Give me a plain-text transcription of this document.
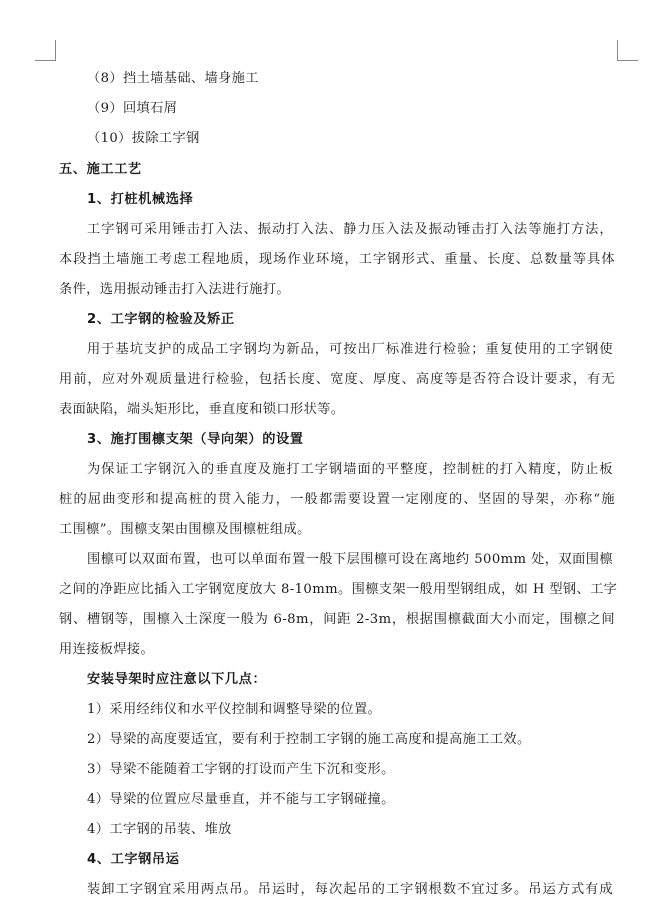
（8）挡土墙基础、墙身施工
（9）回填石屑
（10）拔除工字钢
五、施工工艺
1、打桩机械选择
工字钢可采用锤击打入法、振动打入法、静力压入法及振动锤击打入法等施打方法，
本段挡土墙施工考虑工程地质，现场作业环境，工字钢形式、重量、长度、总数量等具体
条件，选用振动锤击打入法进行施打。
2、工字钢的检验及矫正
用于基坑支护的成品工字钢均为新品，可按出厂标准进行检验；重复使用的工字钢使
用前，应对外观质量进行检验，包括长度、宽度、厚度、高度等是否符合设计要求，有无
表面缺陷，端头矩形比，垂直度和锁口形状等。
3、施打围檩支架（导向架）的设置
为保证工字钢沉入的垂直度及施打工字钢墙面的平整度，控制桩的打入精度，防止板
桩的屈曲变形和提高桩的贯入能力，一般都需要设置一定刚度的、坚固的导架，亦称“施
工围檩”。围檩支架由围檩及围檩桩组成。
围檩可以双面布置，也可以单面布置一般下层围檩可设在离地约 500mm 处，双面围檩
之间的净距应比插入工字钢宽度放大 8-10mm。围檩支架一般用型钢组成，如 H 型钢、工字
钢、槽钢等，围檩入土深度一般为 6-8m，间距 2-3m，根据围檩截面大小而定，围檩之间
用连接板焊接。
安装导架时应注意以下几点：
1）采用经纬仪和水平仪控制和调整导梁的位置。
2）导梁的高度要适宜，要有利于控制工字钢的施工高度和提高施工工效。
3）导梁不能随着工字钢的打设而产生下沉和变形。
4）导梁的位置应尽量垂直，并不能与工字钢碰撞。
4）工字钢的吊装、堆放
4、工字钢吊运
装卸工字钢宜采用两点吊。吊运时，每次起吊的工字钢根数不宜过多。吊运方式有成
